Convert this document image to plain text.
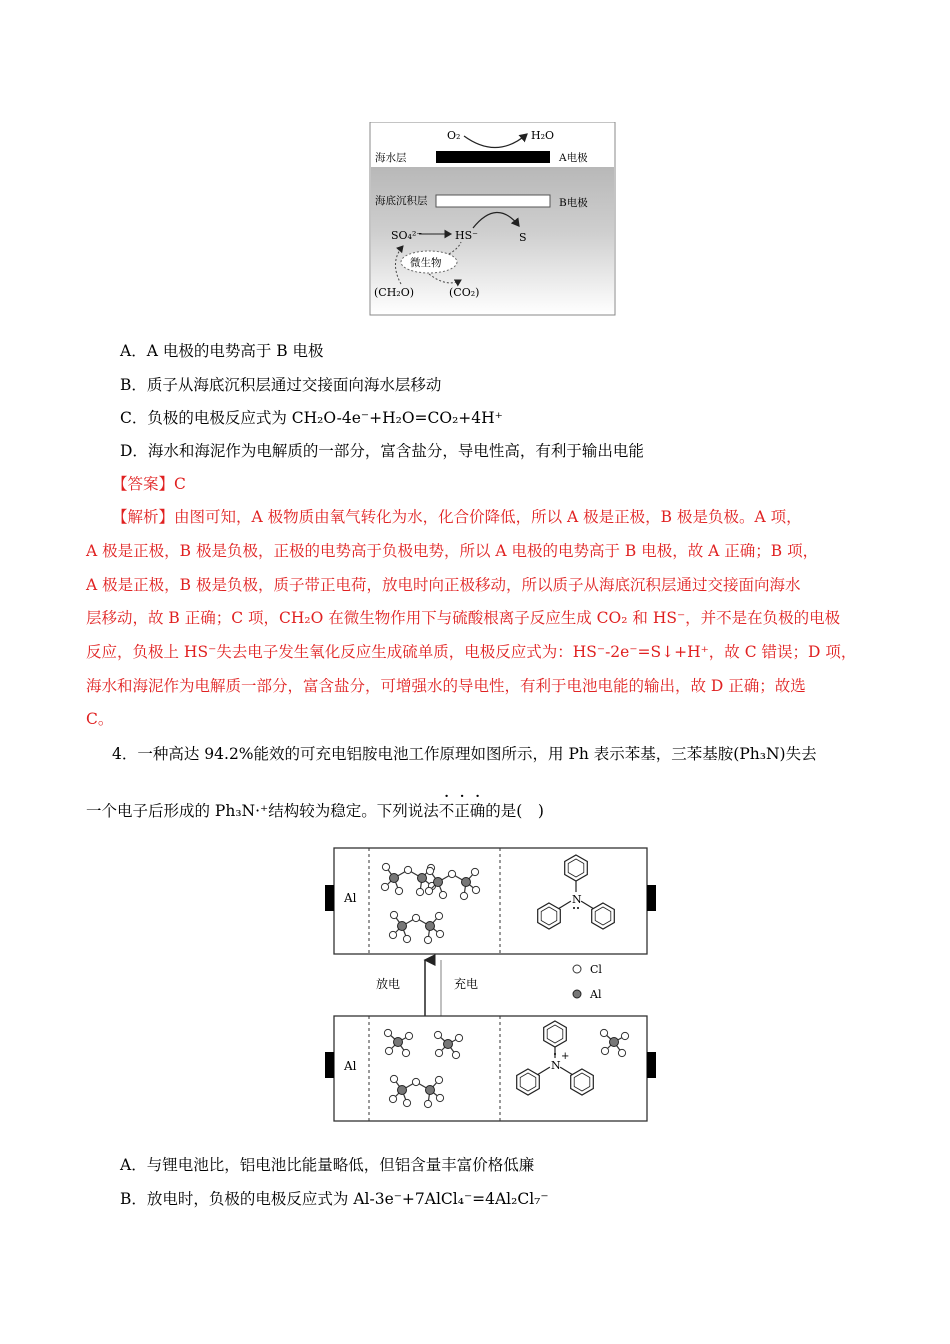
O₂	H₂O
海水层	A电极
海底沉积层	B电极
SO₄²⁻	HS⁻	S
微生物
(CH₂O)	(CO₂)
A．A 电极的电势高于 B 电极
B．质子从海底沉积层通过交接面向海水层移动
C．负极的电极反应式为 CH₂O-4e⁻+H₂O=CO₂+4H⁺
D．海水和海泥作为电解质的一部分，富含盐分，导电性高，有利于输出电能
【答案】C
【解析】由图可知，A 极物质由氧气转化为水，化合价降低，所以 A 极是正极，B 极是负极。A 项，
A 极是正极，B 极是负极，正极的电势高于负极电势，所以 A 电极的电势高于 B 电极，故 A 正确；B 项，
A 极是正极，B 极是负极，质子带正电荷，放电时向正极移动，所以质子从海底沉积层通过交接面向海水
层移动，故 B 正确；C 项，CH₂O 在微生物作用下与硫酸根离子反应生成 CO₂ 和 HS⁻，并不是在负极的电极
反应，负极上 HS⁻失去电子发生氧化反应生成硫单质，电极反应式为：HS⁻-2e⁻=S↓+H⁺，故 C 错误；D 项，
海水和海泥作为电解质一部分，富含盐分，可增强水的导电性，有利于电池电能的输出，故 D 正确；故选
C。
4．一种高达 94.2%能效的可充电铝胺电池工作原理如图所示，用 Ph 表示苯基，三苯基胺(Ph₃N)失去
一个电子后形成的 Ph₃N·⁺结构较为稳定。下列说法不正确的是(　)
Al	N
放电	充电
Cl
Al
Al	N
+
A．与锂电池比，铝电池比能量略低，但铝含量丰富价格低廉
B．放电时，负极的电极反应式为 Al-3e⁻+7AlCl₄⁻=4Al₂Cl₇⁻
